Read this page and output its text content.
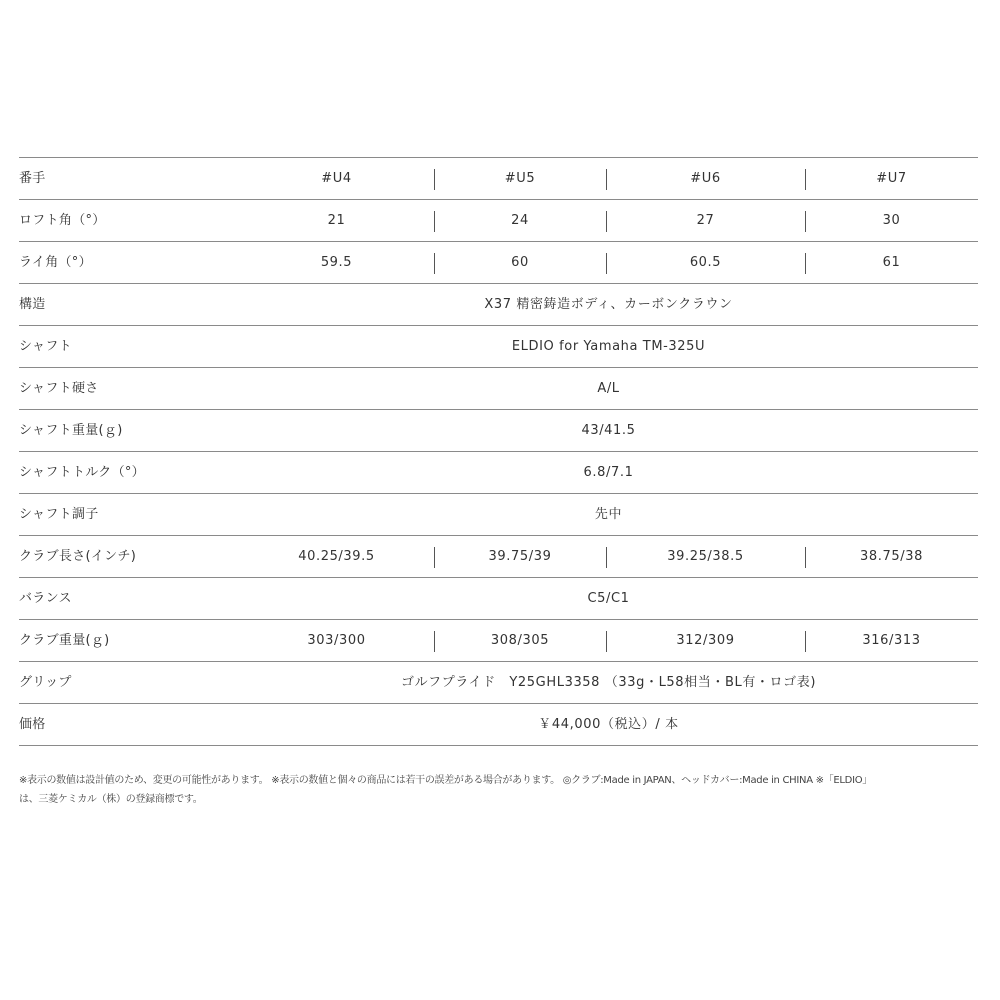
番手	#U4	#U5	#U6	#U7
ロフト角（°）	21	24	27	30
ライ角（°）	59.5	60	60.5	61
構造	X37 精密鋳造ボディ、カーボンクラウン
シャフト	ELDIO for Yamaha TM-325U
シャフト硬さ	A/L
シャフト重量(ｇ)	43/41.5
シャフトトルク（°）	6.8/7.1
シャフト調子	先中
クラブ長さ(インチ)	40.25/39.5	39.75/39	39.25/38.5	38.75/38
バランス	C5/C1
クラブ重量(ｇ)	303/300	308/305	312/309	316/313
グリップ	ゴルフプライド　Y25GHL3358 （33g・L58相当・BL有・ロゴ表)
価格	￥44,000（税込）/ 本
※表示の数値は設計値のため、変更の可能性があります。 ※表示の数値と個々の商品には若干の誤差がある場合があります。 ◎クラブ:Made in JAPAN、ヘッドカバー:Made in CHINA ※「ELDIO」
は、三菱ケミカル（株）の登録商標です。
